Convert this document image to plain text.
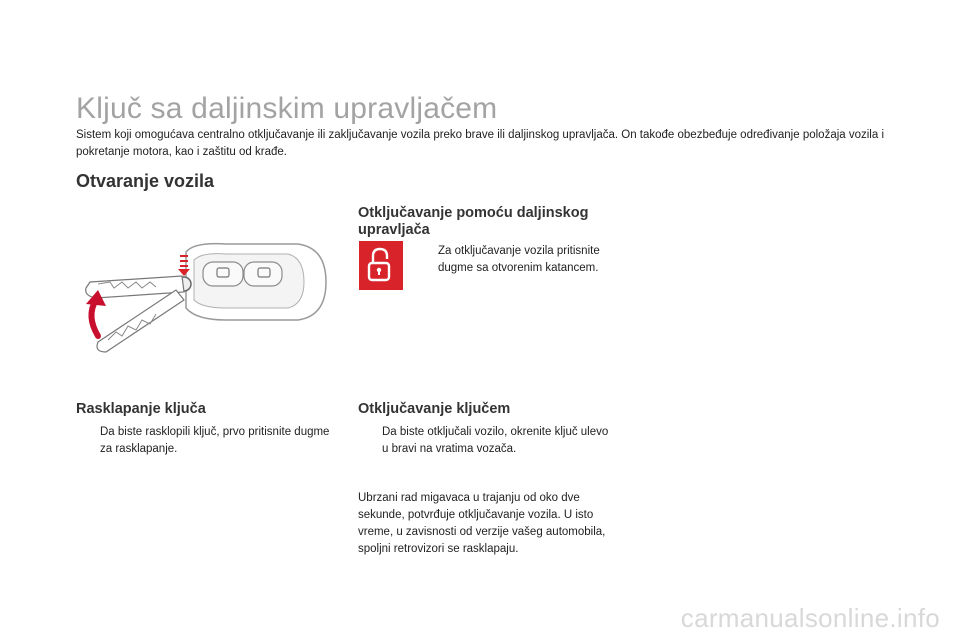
Ključ sa daljinskim upravljačem
Sistem koji omogućava centralno otključavanje ili zaključavanje vozila preko brave ili daljinskog upravljača. On takođe obezbeđuje određivanje položaja vozila i pokretanje motora, kao i zaštitu od krađe.
Otvaranje vozila
Rasklapanje ključa
Da biste rasklopili ključ, prvo pritisnite dugme za rasklapanje.
Otključavanje pomoću daljinskog upravljača
Za otključavanje vozila pritisnite dugme sa otvorenim katancem.
Otključavanje ključem
Da biste otključali vozilo, okrenite ključ ulevo u bravi na vratima vozača.
Ubrzani rad migavaca u trajanju od oko dve sekunde, potvrđuje otključavanje vozila. U isto vreme, u zavisnosti od verzije vašeg automobila, spoljni retrovizori se rasklapaju.
carmanualsonline.info
